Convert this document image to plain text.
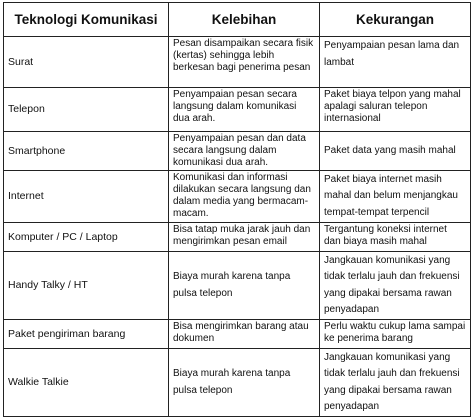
Teknologi Komunikasi	Kelebihan	Kekurangan
Surat	Pesan disampaikan secara fisik (kertas) sehingga lebih berkesan bagi penerima pesan	Penyampaian pesan lama dan lambat
Telepon	Penyampaian pesan secara langsung dalam komunikasi dua arah.	Paket biaya telpon yang mahal apalagi saluran telepon internasional
Smartphone	Penyampaian pesan dan data secara langsung dalam komunikasi dua arah.	Paket data yang masih mahal
Internet	Komunikasi dan informasi dilakukan secara langsung dan dalam media yang bermacam-macam.	Paket biaya internet masih mahal dan belum menjangkau tempat-tempat terpencil
Komputer / PC / Laptop	Bisa tatap muka jarak jauh dan mengirimkan pesan email	Tergantung koneksi internet dan biaya masih mahal
Handy Talky / HT	Biaya murah karena tanpa pulsa telepon	Jangkauan komunikasi yang tidak terlalu jauh dan frekuensi yang dipakai bersama rawan penyadapan
Paket pengiriman barang	Bisa mengirimkan barang atau dokumen	Perlu waktu cukup lama sampai ke penerima barang
Walkie Talkie	Biaya murah karena tanpa pulsa telepon	Jangkauan komunikasi yang tidak terlalu jauh dan frekuensi yang dipakai bersama rawan penyadapan
